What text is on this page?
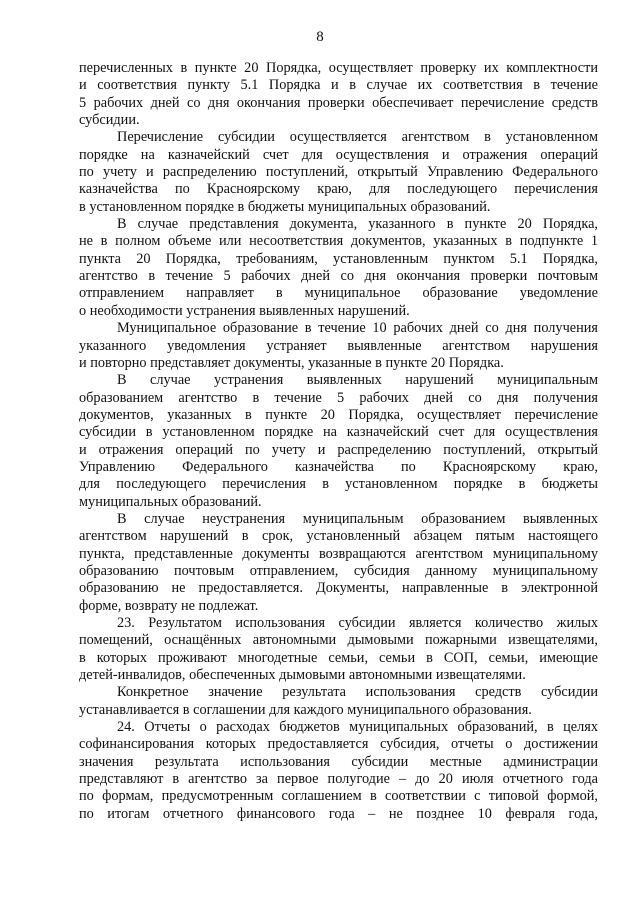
8
перечисленных в пункте 20 Порядка, осуществляет проверку их комплектности
и соответствия пункту 5.1 Порядка и в случае их соответствия в течение
5 рабочих дней со дня окончания проверки обеспечивает перечисление средств
субсидии.
Перечисление субсидии осуществляется агентством в установленном
порядке на казначейский счет для осуществления и отражения операций
по учету и распределению поступлений, открытый Управлению Федерального
казначейства по Красноярскому краю, для последующего перечисления
в установленном порядке в бюджеты муниципальных образований.
В случае представления документа, указанного в пункте 20 Порядка,
не в полном объеме или несоответствия документов, указанных в подпункте 1
пункта 20 Порядка, требованиям, установленным пунктом 5.1 Порядка,
агентство в течение 5 рабочих дней со дня окончания проверки почтовым
отправлением направляет в муниципальное образование уведомление
о необходимости устранения выявленных нарушений.
Муниципальное образование в течение 10 рабочих дней со дня получения
указанного уведомления устраняет выявленные агентством нарушения
и повторно представляет документы, указанные в пункте 20 Порядка.
В случае устранения выявленных нарушений муниципальным
образованием агентство в течение 5 рабочих дней со дня получения
документов, указанных в пункте 20 Порядка, осуществляет перечисление
субсидии в установленном порядке на казначейский счет для осуществления
и отражения операций по учету и распределению поступлений, открытый
Управлению Федерального казначейства по Красноярскому краю,
для последующего перечисления в установленном порядке в бюджеты
муниципальных образований.
В случае неустранения муниципальным образованием выявленных
агентством нарушений в срок, установленный абзацем пятым настоящего
пункта, представленные документы возвращаются агентством муниципальному
образованию почтовым отправлением, субсидия данному муниципальному
образованию не предоставляется. Документы, направленные в электронной
форме, возврату не подлежат.
23. Результатом использования субсидии является количество жилых
помещений, оснащённых автономными дымовыми пожарными извещателями,
в которых проживают многодетные семьи, семьи в СОП, семьи, имеющие
детей-инвалидов, обеспеченных дымовыми автономными извещателями.
Конкретное значение результата использования средств субсидии
устанавливается в соглашении для каждого муниципального образования.
24. Отчеты о расходах бюджетов муниципальных образований, в целях
софинансирования которых предоставляется субсидия, отчеты о достижении
значения результата использования субсидии местные администрации
представляют в агентство за первое полугодие – до 20 июля отчетного года
по формам, предусмотренным соглашением в соответствии с типовой формой,
по итогам отчетного финансового года – не позднее 10 февраля года,
